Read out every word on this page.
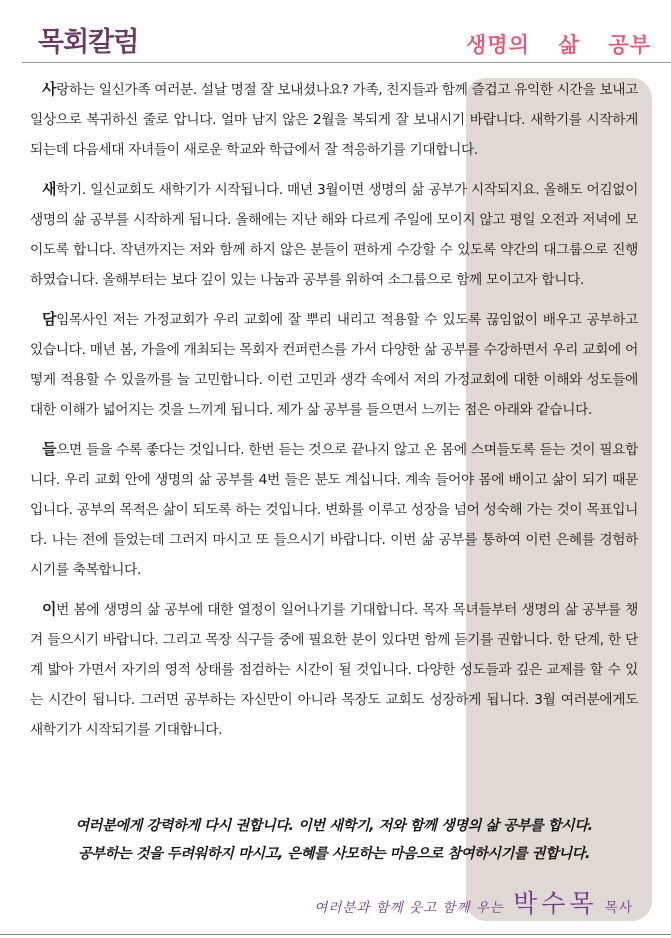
목회칼럼	생명의 삶 공부

사랑하는 일신가족 여러분. 설날 명절 잘 보내셨나요? 가족, 친지들과 함께 즐겁고 유익한 시간을 보내고 일상으로 복귀하신 줄로 압니다. 얼마 남지 않은 2월을 복되게 잘 보내시기 바랍니다. 새학기를 시작하게 되는데 다음세대 자녀들이 새로운 학교와 학급에서 잘 적응하기를 기대합니다.

새학기. 일신교회도 새학기가 시작됩니다. 매년 3월이면 생명의 삶 공부가 시작되지요. 올해도 어김없이 생명의 삶 공부를 시작하게 됩니다. 올해에는 지난 해와 다르게 주일에 모이지 않고 평일 오전과 저녁에 모이도록 합니다. 작년까지는 저와 함께 하지 않은 분들이 편하게 수강할 수 있도록 약간의 대그룹으로 진행하였습니다. 올해부터는 보다 깊이 있는 나눔과 공부를 위하여 소그룹으로 함께 모이고자 합니다.

담임목사인 저는 가정교회가 우리 교회에 잘 뿌리 내리고 적용할 수 있도록 끊임없이 배우고 공부하고 있습니다. 매년 봄, 가을에 개최되는 목회자 컨퍼런스를 가서 다양한 삶 공부를 수강하면서 우리 교회에 어떻게 적용할 수 있을까를 늘 고민합니다. 이런 고민과 생각 속에서 저의 가정교회에 대한 이해와 성도들에 대한 이해가 넓어지는 것을 느끼게 됩니다. 제가 삶 공부를 들으면서 느끼는 점은 아래와 같습니다.

들으면 들을 수록 좋다는 것입니다. 한번 듣는 것으로 끝나지 않고 온 몸에 스며들도록 듣는 것이 필요합니다. 우리 교회 안에 생명의 삶 공부를 4번 들은 분도 계십니다. 계속 들어야 몸에 배이고 삶이 되기 때문입니다. 공부의 목적은 삶이 되도록 하는 것입니다. 변화를 이루고 성장을 넘어 성숙해 가는 것이 목표입니다. 나는 전에 들었는데 그러지 마시고 또 들으시기 바랍니다. 이번 삶 공부를 통하여 이런 은혜를 경험하시기를 축복합니다.

이번 봄에 생명의 삶 공부에 대한 열정이 일어나기를 기대합니다. 목자 목녀들부터 생명의 삶 공부를 챙겨 들으시기 바랍니다. 그리고 목장 식구들 중에 필요한 분이 있다면 함께 듣기를 권합니다. 한 단계, 한 단계 밟아 가면서 자기의 영적 상태를 점검하는 시간이 될 것입니다. 다양한 성도들과 깊은 교제를 할 수 있는 시간이 됩니다. 그러면 공부하는 자신만이 아니라 목장도 교회도 성장하게 됩니다. 3월 여러분에게도 새학기가 시작되기를 기대합니다.

여러분에게 강력하게 다시 권합니다. 이번 새학기, 저와 함께 생명의 삶 공부를 합시다.
공부하는 것을 두려워하지 마시고, 은혜를 사모하는 마음으로 참여하시기를 권합니다.
여러분과 함께 웃고 함께 우는 박수목 목사
